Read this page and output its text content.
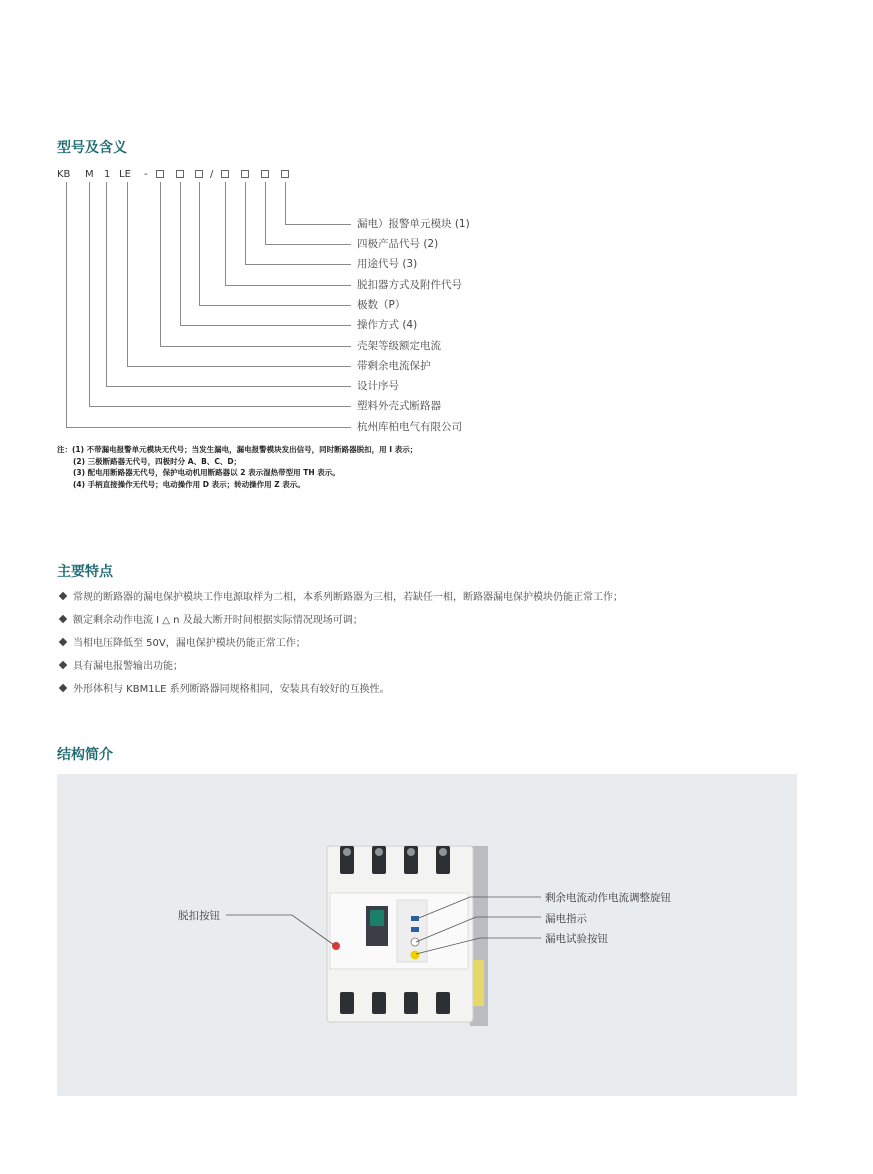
型号及含义
KB M 1 LE -	/
漏电）报警单元模块 (1)
四极产品代号 (2)
用途代号 (3)
脱扣器方式及附件代号
极数（P）
操作方式 (4)
壳架等级额定电流
带剩余电流保护
设计序号
塑料外壳式断路器
杭州库柏电气有限公司
注：(1) 不带漏电报警单元模块无代号；当发生漏电，漏电报警模块发出信号，同时断路器脱扣，用 I 表示；
(2) 三极断路器无代号，四极时分 A、B、C、D；
(3) 配电用断路器无代号，保护电动机用断路器以 2 表示湿热带型用 TH 表示。
(4) 手柄直接操作无代号；电动操作用 D 表示；转动操作用 Z 表示。
主要特点
常规的断路器的漏电保护模块工作电源取样为二相，本系列断路器为三相，若缺任一相，断路器漏电保护模块仍能正常工作；
额定剩余动作电流 I △ n 及最大断开时间根据实际情况现场可调；
当相电压降低至 50V，漏电保护模块仍能正常工作；
具有漏电报警输出功能；
外形体积与 KBM1LE 系列断路器同规格相同，安装具有较好的互换性。
结构简介
脱扣按钮
剩余电流动作电流调整旋钮
漏电指示
漏电试验按钮
